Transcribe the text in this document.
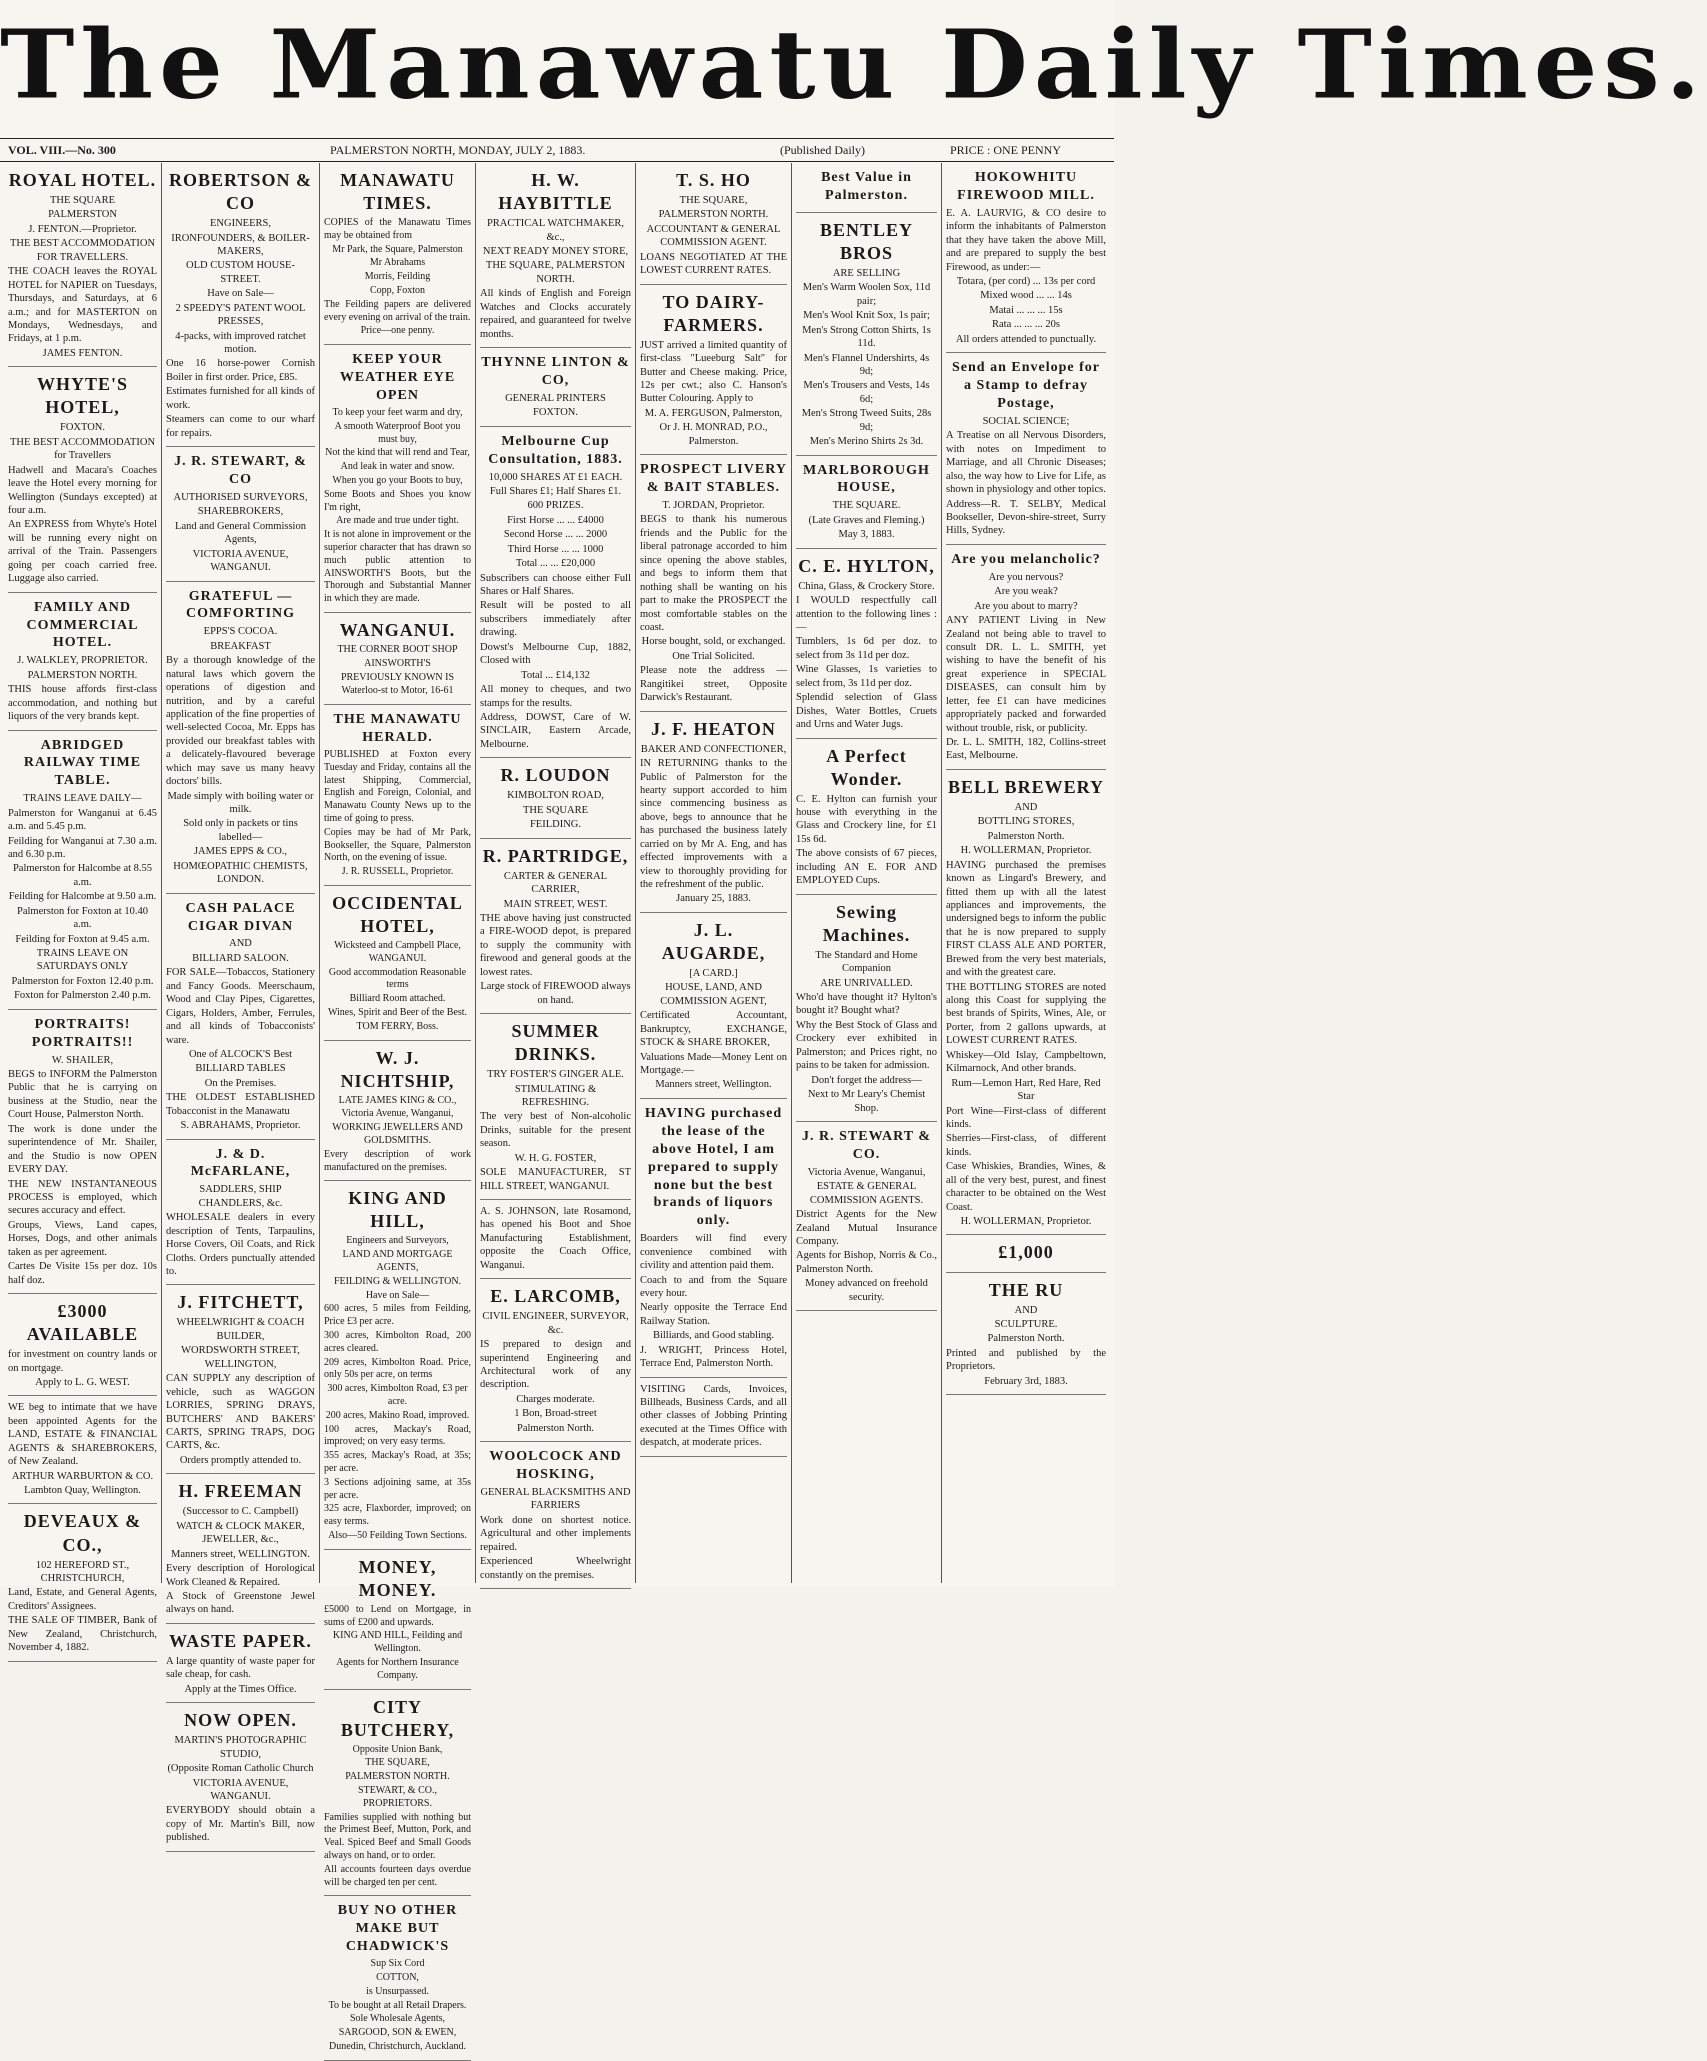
The Manawatu Daily Times.
VOL. VIII.—No. 300	PALMERSTON NORTH, MONDAY, JULY 2, 1883.	(Published Daily)	PRICE : ONE PENNY
ROYAL HOTEL.

THE SQUARE

PALMERSTON

J. FENTON.—Proprietor.

THE BEST ACCOMMODATION FOR TRAVELLERS.

THE COACH leaves the ROYAL HOTEL for NAPIER on Tuesdays, Thursdays, and Saturdays, at 6 a.m.; and for MASTERTON on Mondays, Wednesdays, and Fridays, at 1 p.m.

JAMES FENTON.

WHYTE'S HOTEL,

FOXTON.

THE BEST ACCOMMODATION for Travellers

Hadwell and Macara's Coaches leave the Hotel every morning for Wellington (Sundays excepted) at four a.m.

An EXPRESS from Whyte's Hotel will be running every night on arrival of the Train. Passengers going per coach carried free. Luggage also carried.

FAMILY AND COMMERCIAL HOTEL.

J. WALKLEY, PROPRIETOR.

PALMERSTON NORTH.

THIS house affords first-class accommodation, and nothing but liquors of the very brands kept.

ABRIDGED RAILWAY TIME TABLE.

TRAINS LEAVE DAILY—

Palmerston for Wanganui at 6.45 a.m. and 5.45 p.m.

Feilding for Wanganui at 7.30 a.m. and 6.30 p.m.

Palmerston for Halcombe at 8.55 a.m.

Feilding for Halcombe at 9.50 a.m.

Palmerston for Foxton at 10.40 a.m.

Feilding for Foxton at 9.45 a.m.

TRAINS LEAVE ON SATURDAYS ONLY

Palmerston for Foxton 12.40 p.m.

Foxton for Palmerston 2.40 p.m.

PORTRAITS! PORTRAITS!!

W. SHAILER,

BEGS to INFORM the Palmerston Public that he is carrying on business at the Studio, near the Court House, Palmerston North.

The work is done under the superintendence of Mr. Shailer, and the Studio is now OPEN EVERY DAY.

THE NEW INSTANTANEOUS PROCESS is employed, which secures accuracy and effect.

Groups, Views, Land capes, Horses, Dogs, and other animals taken as per agreement.

Cartes De Visite 15s per doz. 10s half doz.

£3000 AVAILABLE

for investment on country lands or on mortgage.

Apply to L. G. WEST.

WE beg to intimate that we have been appointed Agents for the LAND, ESTATE & FINANCIAL AGENTS & SHAREBROKERS, of New Zealand.

ARTHUR WARBURTON & CO.

Lambton Quay, Wellington.

DEVEAUX & CO.,

102 HEREFORD ST., CHRISTCHURCH,

Land, Estate, and General Agents, Creditors' Assignees.

THE SALE OF TIMBER, Bank of New Zealand, Christchurch, November 4, 1882.

ROBERTSON & CO

ENGINEERS,

IRONFOUNDERS, & BOILER-MAKERS,

OLD CUSTOM HOUSE-STREET.

Have on Sale—

2 SPEEDY'S PATENT WOOL PRESSES,

4-packs, with improved ratchet motion.

One 16 horse-power Cornish Boiler in first order. Price, £85.

Estimates furnished for all kinds of work.

Steamers can come to our wharf for repairs.

J. R. STEWART, & CO

AUTHORISED SURVEYORS,

SHAREBROKERS,

Land and General Commission Agents,

VICTORIA AVENUE, WANGANUI.

GRATEFUL — COMFORTING

EPPS'S COCOA.

BREAKFAST

By a thorough knowledge of the natural laws which govern the operations of digestion and nutrition, and by a careful application of the fine properties of well-selected Cocoa, Mr. Epps has provided our breakfast tables with a delicately-flavoured beverage which may save us many heavy doctors' bills.

Made simply with boiling water or milk.

Sold only in packets or tins labelled—

JAMES EPPS & CO.,

HOMŒOPATHIC CHEMISTS, LONDON.

CASH PALACE CIGAR DIVAN

AND

BILLIARD SALOON.

FOR SALE—Tobaccos, Stationery and Fancy Goods. Meerschaum, Wood and Clay Pipes, Cigarettes, Cigars, Holders, Amber, Ferrules, and all kinds of Tobacconists' ware.

One of ALCOCK'S Best

BILLIARD TABLES

On the Premises.

THE OLDEST ESTABLISHED Tobacconist in the Manawatu

S. ABRAHAMS, Proprietor.

J. & D. McFARLANE,

SADDLERS, SHIP CHANDLERS, &c.

WHOLESALE dealers in every description of Tents, Tarpaulins, Horse Covers, Oil Coats, and Rick Cloths. Orders punctually attended to.

J. FITCHETT,

WHEELWRIGHT & COACH BUILDER,

WORDSWORTH STREET, WELLINGTON,

CAN SUPPLY any description of vehicle, such as WAGGON LORRIES, SPRING DRAYS, BUTCHERS' AND BAKERS' CARTS, SPRING TRAPS, DOG CARTS, &c.

Orders promptly attended to.

H. FREEMAN

(Successor to C. Campbell)

WATCH & CLOCK MAKER, JEWELLER, &c.,

Manners street, WELLINGTON.

Every description of Horological Work Cleaned & Repaired.

A Stock of Greenstone Jewel always on hand.

WASTE PAPER.

A large quantity of waste paper for sale cheap, for cash.

Apply at the Times Office.

NOW OPEN.

MARTIN'S PHOTOGRAPHIC STUDIO,

(Opposite Roman Catholic Church

VICTORIA AVENUE, WANGANUI.

EVERYBODY should obtain a copy of Mr. Martin's Bill, now published.

MANAWATU TIMES.

COPIES of the Manawatu Times may be obtained from

Mr Park, the Square, Palmerston

Mr Abrahams

Morris, Feilding

Copp, Foxton

The Feilding papers are delivered every evening on arrival of the train.

Price—one penny.

KEEP YOUR WEATHER EYE OPEN

To keep your feet warm and dry,

A smooth Waterproof Boot you must buy,

Not the kind that will rend and Tear,

And leak in water and snow.

When you go your Boots to buy,

Some Boots and Shoes you know I'm right,

Are made and true under tight.

It is not alone in improvement or the superior character that has drawn so much public attention to AINSWORTH'S Boots, but the Thorough and Substantial Manner in which they are made.

WANGANUI.

THE CORNER BOOT SHOP

AINSWORTH'S

PREVIOUSLY KNOWN IS

Waterloo-st to Motor, 16-61

THE MANAWATU HERALD.

PUBLISHED at Foxton every Tuesday and Friday, contains all the latest Shipping, Commercial, English and Foreign, Colonial, and Manawatu County News up to the time of going to press.

Copies may be had of Mr Park, Bookseller, the Square, Palmerston North, on the evening of issue.

J. R. RUSSELL, Proprietor.

OCCIDENTAL HOTEL,

Wicksteed and Campbell Place, WANGANUI.

Good accommodation Reasonable terms

Billiard Room attached.

Wines, Spirit and Beer of the Best.

TOM FERRY, Boss.

W. J. NICHTSHIP,

LATE JAMES KING & CO.,

Victoria Avenue, Wanganui,

WORKING JEWELLERS AND GOLDSMITHS.

Every description of work manufactured on the premises.

KING AND HILL,

Engineers and Surveyors,

LAND AND MORTGAGE AGENTS,

FEILDING & WELLINGTON.

Have on Sale—

600 acres, 5 miles from Feilding, Price £3 per acre.

300 acres, Kimbolton Road, 200 acres cleared.

209 acres, Kimbolton Road. Price, only 50s per acre, on terms

300 acres, Kimbolton Road, £3 per acre.

200 acres, Makino Road, improved.

100 acres, Mackay's Road, improved; on very easy terms.

355 acres, Mackay's Road, at 35s; per acre.

3 Sections adjoining same, at 35s per acre.

325 acre, Flaxborder, improved; on easy terms.

Also—50 Feilding Town Sections.

MONEY, MONEY.

£5000 to Lend on Mortgage, in sums of £200 and upwards.

KING AND HILL, Feilding and Wellington.

Agents for Northern Insurance Company.

CITY BUTCHERY,

Opposite Union Bank,

THE SQUARE,

PALMERSTON NORTH.

STEWART, & CO., PROPRIETORS.

Families supplied with nothing but the Primest Beef, Mutton, Pork, and Veal. Spiced Beef and Small Goods always on hand, or to order.

All accounts fourteen days overdue will be charged ten per cent.

BUY NO OTHER MAKE BUT CHADWICK'S

Sup Six Cord

COTTON,

is Unsurpassed.

To be bought at all Retail Drapers.

Sole Wholesale Agents,

SARGOOD, SON & EWEN,

Dunedin, Christchurch, Auckland.

H. W. HAYBITTLE

PRACTICAL WATCHMAKER, &c.,

NEXT READY MONEY STORE,

THE SQUARE, PALMERSTON NORTH.

All kinds of English and Foreign Watches and Clocks accurately repaired, and guaranteed for twelve months.

THYNNE LINTON & CO,

GENERAL PRINTERS

FOXTON.

Melbourne Cup Consultation, 1883.

10,000 SHARES AT £1 EACH.

Full Shares £1; Half Shares £1.

600 PRIZES.

First Horse ... ... £4000

Second Horse ... ... 2000

Third Horse ... ... 1000

Total ... ... £20,000

Subscribers can choose either Full Shares or Half Shares.

Result will be posted to all subscribers immediately after drawing.

Dowst's Melbourne Cup, 1882, Closed with

Total ... £14,132

All money to cheques, and two stamps for the results.

Address, DOWST, Care of W. SINCLAIR, Eastern Arcade, Melbourne.

R. LOUDON

KIMBOLTON ROAD,

THE SQUARE

FEILDING.

R. PARTRIDGE,

CARTER & GENERAL CARRIER,

MAIN STREET, WEST.

THE above having just constructed a FIRE-WOOD depot, is prepared to supply the community with firewood and general goods at the lowest rates.

Large stock of FIREWOOD always on hand.

SUMMER DRINKS.

TRY FOSTER'S GINGER ALE.

STIMULATING & REFRESHING.

The very best of Non-alcoholic Drinks, suitable for the present season.

W. H. G. FOSTER,

SOLE MANUFACTURER, ST HILL STREET, WANGANUI.

A. S. JOHNSON, late Rosamond, has opened his Boot and Shoe Manufacturing Establishment, opposite the Coach Office, Wanganui.

E. LARCOMB,

CIVIL ENGINEER, SURVEYOR, &c.

IS prepared to design and superintend Engineering and Architectural work of any description.

Charges moderate.

1 Bon, Broad-street

Palmerston North.

WOOLCOCK AND HOSKING,

GENERAL BLACKSMITHS AND FARRIERS

Work done on shortest notice. Agricultural and other implements repaired.

Experienced Wheelwright constantly on the premises.

T. S. HO

THE SQUARE,

PALMERSTON NORTH.

ACCOUNTANT & GENERAL COMMISSION AGENT.

LOANS NEGOTIATED AT THE LOWEST CURRENT RATES.

TO DAIRY-FARMERS.

JUST arrived a limited quantity of first-class "Lueeburg Salt" for Butter and Cheese making. Price, 12s per cwt.; also C. Hanson's Butter Colouring. Apply to

M. A. FERGUSON, Palmerston,

Or J. H. MONRAD, P.O., Palmerston.

PROSPECT LIVERY & BAIT STABLES.

T. JORDAN, Proprietor.

BEGS to thank his numerous friends and the Public for the liberal patronage accorded to him since opening the above stables, and begs to inform them that nothing shall be wanting on his part to make the PROSPECT the most comfortable stables on the coast.

Horse bought, sold, or exchanged.

One Trial Solicited.

Please note the address — Rangitikei street, Opposite Darwick's Restaurant.

J. F. HEATON

BAKER AND CONFECTIONER,

IN RETURNING thanks to the Public of Palmerston for the hearty support accorded to him since commencing business as above, begs to announce that he has purchased the business lately carried on by Mr A. Eng, and has effected improvements with a view to thoroughly providing for the refreshment of the public.

January 25, 1883.

J. L. AUGARDE,

[A CARD.]

HOUSE, LAND, AND COMMISSION AGENT,

Certificated Accountant, Bankruptcy, EXCHANGE, STOCK & SHARE BROKER,

Valuations Made—Money Lent on Mortgage.—

Manners street, Wellington.

HAVING purchased the lease of the above Hotel, I am prepared to supply none but the best brands of liquors only.

Boarders will find every convenience combined with civility and attention paid them.

Coach to and from the Square every hour.

Nearly opposite the Terrace End Railway Station.

Billiards, and Good stabling.

J. WRIGHT, Princess Hotel, Terrace End, Palmerston North.

VISITING Cards, Invoices, Billheads, Business Cards, and all other classes of Jobbing Printing executed at the Times Office with despatch, at moderate prices.

Best Value in Palmerston.
BENTLEY BROS

ARE SELLING

Men's Warm Woolen Sox, 11d pair;

Men's Wool Knit Sox, 1s pair;

Men's Strong Cotton Shirts, 1s 11d.

Men's Flannel Undershirts, 4s 9d;

Men's Trousers and Vests, 14s 6d;

Men's Strong Tweed Suits, 28s 9d;

Men's Merino Shirts 2s 3d.

MARLBOROUGH HOUSE,

THE SQUARE.

(Late Graves and Fleming.)

May 3, 1883.

C. E. HYLTON,

China, Glass, & Crockery Store.

I WOULD respectfully call attention to the following lines :—

Tumblers, 1s 6d per doz. to select from 3s 11d per doz.

Wine Glasses, 1s varieties to select from, 3s 11d per doz.

Splendid selection of Glass Dishes, Water Bottles, Cruets and Urns and Water Jugs.

A Perfect Wonder.

C. E. Hylton can furnish your house with everything in the Glass and Crockery line, for £1 15s 6d.

The above consists of 67 pieces, including AN E. FOR AND EMPLOYED Cups.

Sewing Machines.

The Standard and Home Companion

ARE UNRIVALLED.

Who'd have thought it? Hylton's bought it? Bought what?

Why the Best Stock of Glass and Crockery ever exhibited in Palmerston; and Prices right, no pains to be taken for admission.

Don't forget the address—

Next to Mr Leary's Chemist Shop.

J. R. STEWART & CO.

Victoria Avenue, Wanganui,

ESTATE & GENERAL COMMISSION AGENTS.

District Agents for the New Zealand Mutual Insurance Company.

Agents for Bishop, Norris & Co., Palmerston North.

Money advanced on freehold security.

HOKOWHITU FIREWOOD MILL.

E. A. LAURVIG, & CO desire to inform the inhabitants of Palmerston that they have taken the above Mill, and are prepared to supply the best Firewood, as under:—

Totara, (per cord) ... 13s per cord

Mixed wood ... ... 14s

Matai ... ... ... 15s

Rata ... ... ... 20s

All orders attended to punctually.

Send an Envelope for a Stamp to defray Postage,

SOCIAL SCIENCE;

A Treatise on all Nervous Disorders, with notes on Impediment to Marriage, and all Chronic Diseases; also, the way how to Live for Life, as shown in physiology and other topics.

Address—R. T. SELBY, Medical Bookseller, Devon-shire-street, Surry Hills, Sydney.

Are you melancholic?

Are you nervous?

Are you weak?

Are you about to marry?

ANY PATIENT Living in New Zealand not being able to travel to consult DR. L. L. SMITH, yet wishing to have the benefit of his great experience in SPECIAL DISEASES, can consult him by letter, fee £1 can have medicines appropriately packed and forwarded without trouble, risk, or publicity.

Dr. L. L. SMITH, 182, Collins-street East, Melbourne.

BELL BREWERY

AND

BOTTLING STORES,

Palmerston North.

H. WOLLERMAN, Proprietor.

HAVING purchased the premises known as Lingard's Brewery, and fitted them up with all the latest appliances and improvements, the undersigned begs to inform the public that he is now prepared to supply FIRST CLASS ALE AND PORTER, Brewed from the very best materials, and with the greatest care.

THE BOTTLING STORES are noted along this Coast for supplying the best brands of Spirits, Wines, Ale, or Porter, from 2 gallons upwards, at LOWEST CURRENT RATES.

Whiskey—Old Islay, Campbeltown, Kilmarnock, And other brands.

Rum—Lemon Hart, Red Hare, Red Star

Port Wine—First-class of different kinds.

Sherries—First-class, of different kinds.

Case Whiskies, Brandies, Wines, & all of the very best, purest, and finest character to be obtained on the West Coast.

H. WOLLERMAN, Proprietor.

£1,000
THE RU

AND

SCULPTURE.

Palmerston North.

Printed and published by the Proprietors.

February 3rd, 1883.
